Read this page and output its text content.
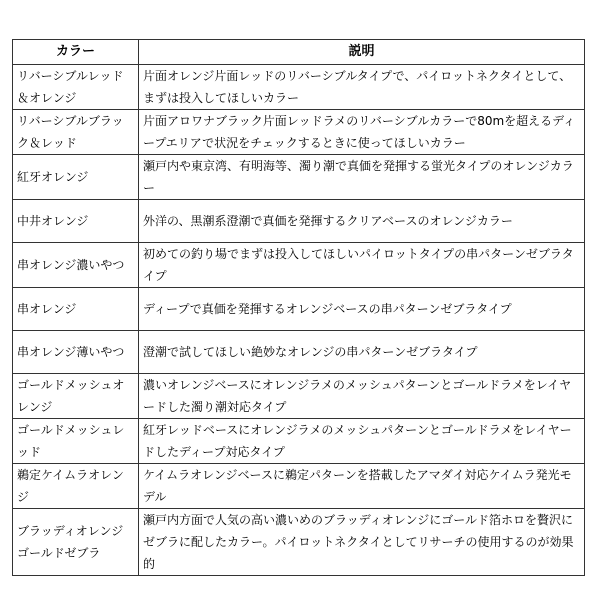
カラー	説明
リバーシブルレッド＆オレンジ	片面オレンジ片面レッドのリバーシブルタイプで、パイロットネクタイとして、まずは投入してほしいカラー
リバーシブルブラック＆レッド	片面アロワナブラック片面レッドラメのリバーシブルカラーで80mを超えるディープエリアで状況をチェックするときに使ってほしいカラー
紅牙オレンジ	瀬戸内や東京湾、有明海等、濁り潮で真価を発揮する蛍光タイプのオレンジカラー
中井オレンジ	外洋の、黒潮系澄潮で真価を発揮するクリアベースのオレンジカラー
串オレンジ濃いやつ	初めての釣り場でまずは投入してほしいパイロットタイプの串パターンゼブラタイプ
串オレンジ	ディープで真価を発揮するオレンジベースの串パターンゼブラタイプ
串オレンジ薄いやつ	澄潮で試してほしい絶妙なオレンジの串パターンゼブラタイプ
ゴールドメッシュオレンジ	濃いオレンジベースにオレンジラメのメッシュパターンとゴールドラメをレイヤードした濁り潮対応タイプ
ゴールドメッシュレッド	紅牙レッドベースにオレンジラメのメッシュパターンとゴールドラメをレイヤードしたディープ対応タイプ
鵜定ケイムラオレンジ	ケイムラオレンジベースに鵜定パターンを搭載したアマダイ対応ケイムラ発光モデル
ブラッディオレンジゴールドゼブラ	瀬戸内方面で人気の高い濃いめのブラッディオレンジにゴールド箔ホロを贅沢にゼブラに配したカラー。パイロットネクタイとしてリサーチの使用するのが効果的
